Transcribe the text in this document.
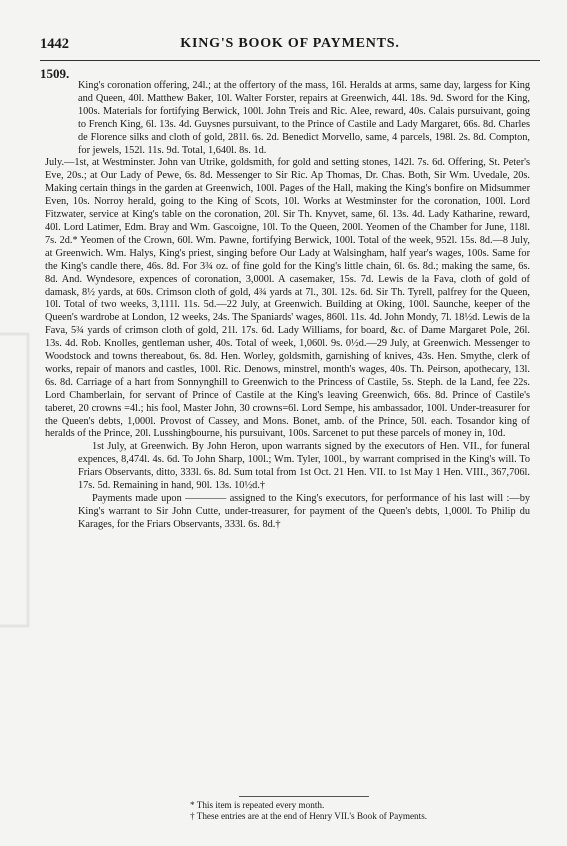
1442	KING'S BOOK OF PAYMENTS.
1509.

King's coronation offering, 24l.; at the offertory of the mass, 16l. Heralds at arms, same day, largess for King and Queen, 40l. Matthew Baker, 10l. Walter Forster, repairs at Greenwich, 44l. 18s. 9d. Sword for the King, 100s. Materials for fortifying Berwick, 100l. John Treis and Ric. Alee, reward, 40s. Calais pursuivant, going to French King, 6l. 13s. 4d. Guysnes pursuivant, to the Prince of Castile and Lady Margaret, 66s. 8d. Charles de Florence silks and cloth of gold, 281l. 6s. 2d. Benedict Morvello, same, 4 parcels, 198l. 2s. 8d. Compton, for jewels, 152l. 11s. 9d. Total, 1,640l. 8s. 1d.

July.—1st, at Westminster. John van Utrike, goldsmith, for gold and setting stones, 142l. 7s. 6d. Offering, St. Peter's Eve, 20s.; at Our Lady of Pewe, 6s. 8d. Messenger to Sir Ric. Ap Thomas, Dr. Chas. Both, Sir Wm. Uvedale, 20s. Making certain things in the garden at Greenwich, 100l. Pages of the Hall, making the King's bonfire on Midsummer Even, 10s. Norroy herald, going to the King of Scots, 10l. Works at Westminster for the coronation, 100l. Lord Fitzwater, service at King's table on the coronation, 20l. Sir Th. Knyvet, same, 6l. 13s. 4d. Lady Katharine, reward, 40l. Lord Latimer, Edm. Bray and Wm. Gascoigne, 10l. To the Queen, 200l. Yeomen of the Chamber for June, 118l. 7s. 2d.* Yeomen of the Crown, 60l. Wm. Pawne, fortifying Berwick, 100l. Total of the week, 952l. 15s. 8d.—8 July, at Greenwich. Wm. Halys, King's priest, singing before Our Lady at Walsingham, half year's wages, 100s. Same for the King's candle there, 46s. 8d. For 3¾ oz. of fine gold for the King's little chain, 6l. 6s. 8d.; making the same, 6s. 8d. And. Wyndesore, expences of coronation, 3,000l. A casemaker, 15s. 7d. Lewis de la Fava, cloth of gold of damask, 8½ yards, at 60s. Crimson cloth of gold, 4¾ yards at 7l., 30l. 12s. 6d. Sir Th. Tyrell, palfrey for the Queen, 10l. Total of two weeks, 3,111l. 11s. 5d.—22 July, at Greenwich. Building at Oking, 100l. Saunche, keeper of the Queen's wardrobe at London, 12 weeks, 24s. The Spaniards' wages, 860l. 11s. 4d. John Mondy, 7l. 18½d. Lewis de la Fava, 5¾ yards of crimson cloth of gold, 21l. 17s. 6d. Lady Williams, for board, &c. of Dame Margaret Pole, 26l. 13s. 4d. Rob. Knolles, gentleman usher, 40s. Total of week, 1,060l. 9s. 0½d.—29 July, at Greenwich. Messenger to Woodstock and towns thereabout, 6s. 8d. Hen. Worley, goldsmith, garnishing of knives, 43s. Hen. Smythe, clerk of works, repair of manors and castles, 100l. Ric. Denows, minstrel, month's wages, 40s. Th. Peirson, apothecary, 13l. 6s. 8d. Carriage of a hart from Sonnynghill to Greenwich to the Princess of Castile, 5s. Steph. de la Land, fee 22s. Lord Chamberlain, for servant of Prince of Castile at the King's leaving Greenwich, 66s. 8d. Prince of Castile's taberet, 20 crowns =4l.; his fool, Master John, 30 crowns=6l. Lord Sempe, his ambassador, 100l. Under-treasurer for the Queen's debts, 1,000l. Provost of Cassey, and Mons. Bonet, amb. of the Prince, 50l. each. Tosandor king of heralds of the Prince, 20l. Lusshingbourne, his pursuivant, 100s. Sarcenet to put these parcels of money in, 10d.

1st July, at Greenwich. By John Heron, upon warrants signed by the executors of Hen. VII., for funeral expences, 8,474l. 4s. 6d. To John Sharp, 100l.; Wm. Tyler, 100l., by warrant comprised in the King's will. To Friars Observants, ditto, 333l. 6s. 8d. Sum total from 1st Oct. 21 Hen. VII. to 1st May 1 Hen. VIII., 367,706l. 17s. 5d. Remaining in hand, 90l. 13s. 10½d.†

Payments made upon ———— assigned to the King's executors, for performance of his last will :—by King's warrant to Sir John Cutte, under-treasurer, for payment of the Queen's debts, 1,000l. To Philip du Karages, for the Friars Observants, 333l. 6s. 8d.†

* This item is repeated every month.
† These entries are at the end of Henry VII.'s Book of Payments.
